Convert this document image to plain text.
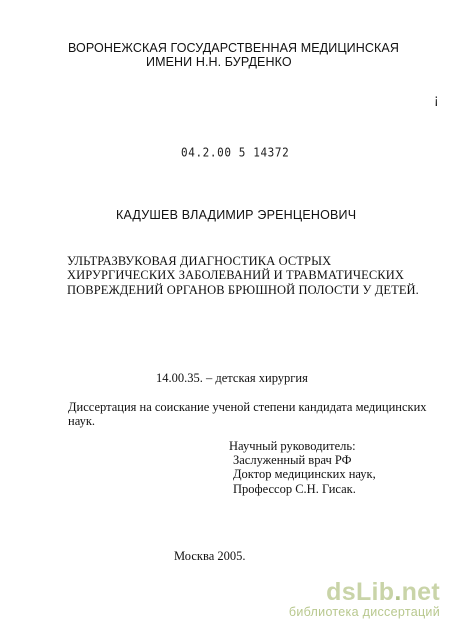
ВОРОНЕЖСКАЯ ГОСУДАРСТВЕННАЯ МЕДИЦИНСКАЯ
ИМЕНИ Н.Н. БУРДЕНКО
¡
04.2.00 5 14372
КАДУШЕВ ВЛАДИМИР ЭРЕНЦЕНОВИЧ
УЛЬТРАЗВУКОВАЯ ДИАГНОСТИКА ОСТРЫХ
ХИРУРГИЧЕСКИХ ЗАБОЛЕВАНИЙ И ТРАВМАТИЧЕСКИХ
ПОВРЕЖДЕНИЙ ОРГАНОВ БРЮШНОЙ ПОЛОСТИ У ДЕТЕЙ.
14.00.35. – детская хирургия
Диссертация на соискание ученой степени кандидата медицинских
наук.
Научный руководитель:
Заслуженный врач РФ
Доктор медицинских наук,
Профессор С.Н. Гисак.
Москва 2005.
dsLib.net
библиотека диссертаций
